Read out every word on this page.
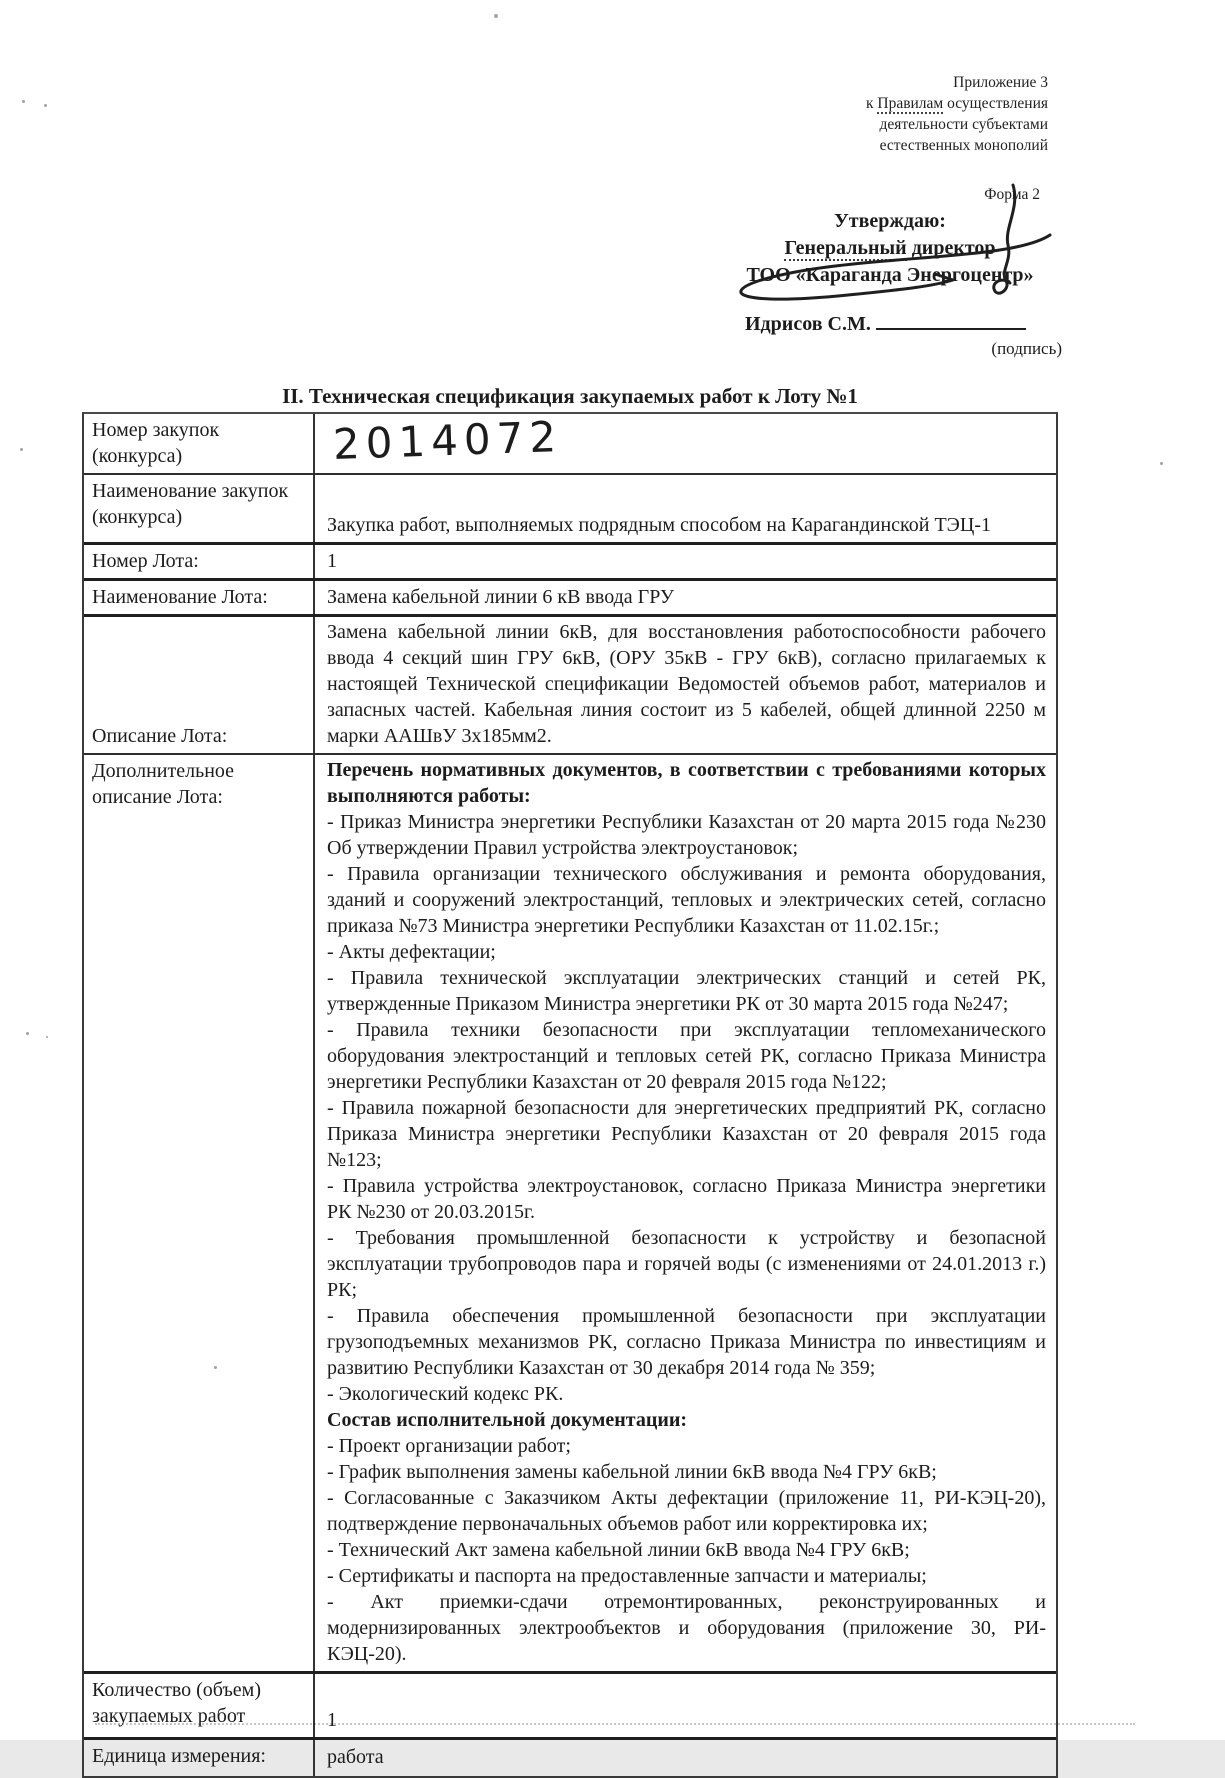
Приложение 3
к Правилам осуществления
деятельности субъектами
естественных монополий
Форма 2
Утверждаю:
Генеральный директор
ТОО «Караганда Энергоцентр»
Идрисов С.М.
(подпись)
II. Техническая спецификация закупаемых работ к Лоту №1
Номер закупок (конкурса)	2014072
Наименование закупок (конкурса)	Закупка работ, выполняемых подрядным способом на Карагандинской ТЭЦ-1
Номер Лота:	1
Наименование Лота:	Замена кабельной линии 6 кВ ввода ГРУ
Описание Лота:
Замена кабельной линии 6кВ, для восстановления работоспособности рабочего ввода 4 секций шин ГРУ 6кВ, (ОРУ 35кВ - ГРУ 6кВ), согласно прилагаемых к настоящей Технической спецификации Ведомостей объемов работ, материалов и запасных частей. Кабельная линия состоит из 5 кабелей, общей длинной 2250 м марки ААШвУ 3х185мм2.
Дополнительное описание Лота:

Перечень нормативных документов, в соответствии с требованиями которых выполняются работы:

- Приказ Министра энергетики Республики Казахстан от 20 марта 2015 года №230 Об утверждении Правил устройства электроустановок;

- Правила организации технического обслуживания и ремонта оборудования, зданий и сооружений электростанций, тепловых и электрических сетей, согласно приказа №73 Министра энергетики Республики Казахстан от 11.02.15г.;

- Акты дефектации;

- Правила технической эксплуатации электрических станций и сетей РК, утвержденные Приказом Министра энергетики РК от 30 марта 2015 года №247;

- Правила техники безопасности при эксплуатации тепломеханического оборудования электростанций и тепловых сетей РК, согласно Приказа Министра энергетики Республики Казахстан от 20 февраля 2015 года №122;

- Правила пожарной безопасности для энергетических предприятий РК, согласно Приказа Министра энергетики Республики Казахстан от 20 февраля 2015 года №123;

- Правила устройства электроустановок, согласно Приказа Министра энергетики РК №230 от 20.03.2015г.

- Требования промышленной безопасности к устройству и безопасной эксплуатации трубопроводов пара и горячей воды (с изменениями от 24.01.2013 г.) РК;

- Правила обеспечения промышленной безопасности при эксплуатации грузоподъемных механизмов РК, согласно Приказа Министра по инвестициям и развитию Республики Казахстан от 30 декабря 2014 года № 359;

- Экологический кодекс РК.

Состав исполнительной документации:

- Проект организации работ;

- График выполнения замены кабельной линии 6кВ ввода №4 ГРУ 6кВ;

- Согласованные с Заказчиком Акты дефектации (приложение 11, РИ-КЭЦ-20), подтверждение первоначальных объемов работ или корректировка их;

- Технический Акт замена кабельной линии 6кВ ввода №4 ГРУ 6кВ;

- Сертификаты и паспорта на предоставленные запчасти и материалы;

- Акт приемки-сдачи отремонтированных, реконструированных и модернизированных электрообъектов и оборудования (приложение 30, РИ-КЭЦ-20).

Количество (объем) закупаемых работ	1
Единица измерения:	работа
